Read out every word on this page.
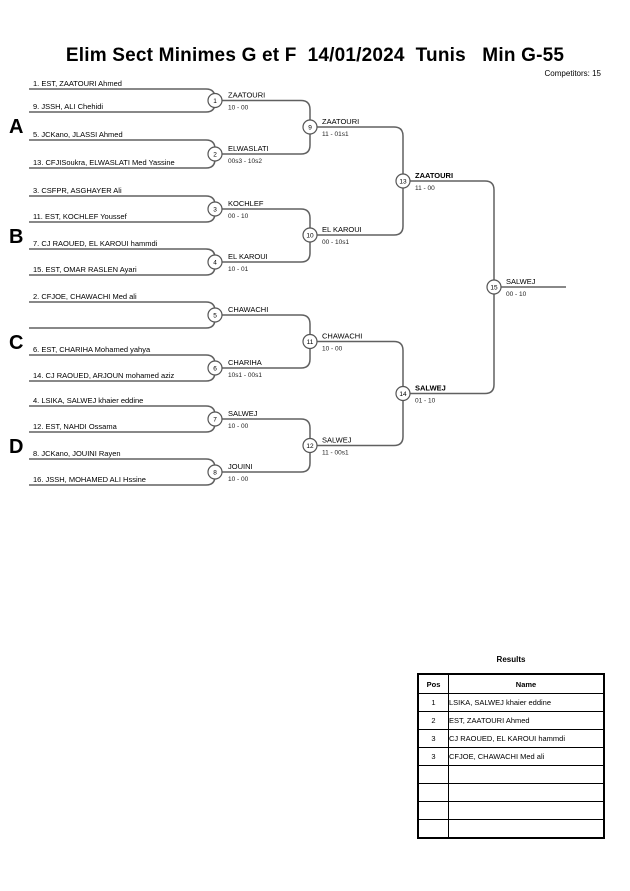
Elim Sect Minimes G et F  14/01/2024  Tunis   Min G-55
Competitors: 15
A
B
C
D
1. EST, ZAATOURI Ahmed
9. JSSH, ALI Chehidi
5. JCKano, JLASSI Ahmed
13. CFJISoukra, ELWASLATI Med Yassine
3. CSFPR, ASGHAYER Ali
11. EST, KOCHLEF Youssef
7. CJ RAOUED, EL KAROUI hammdi
15. EST, OMAR RASLEN Ayari
2. CFJOE, CHAWACHI Med ali
6. EST, CHARIHA Mohamed yahya
14. CJ RAOUED, ARJOUN mohamed aziz
4. LSIKA, SALWEJ khaier eddine
12. EST, NAHDI Ossama
8. JCKano, JOUINI Rayen
16. JSSH, MOHAMED ALI Hssine
ZAATOURI
10 - 00
ELWASLATI
00s3 - 10s2
KOCHLEF
00 - 10
EL KAROUI
10 - 01
CHAWACHI
CHARIHA
10s1 - 00s1
SALWEJ
10 - 00
JOUINI
10 - 00
ZAATOURI
11 - 01s1
EL KAROUI
00 - 10s1
CHAWACHI
10 - 00
SALWEJ
11 - 00s1
ZAATOURI
11 - 00
SALWEJ
01 - 10
SALWEJ
00 - 10
1
2
3
4
5
6
7
8
9
10
11
12
13
14
15
Results
Pos	Name
1	LSIKA, SALWEJ khaier eddine
2	EST, ZAATOURI Ahmed
3	CJ RAOUED, EL KAROUI hammdi
3	CFJOE, CHAWACHI Med ali
